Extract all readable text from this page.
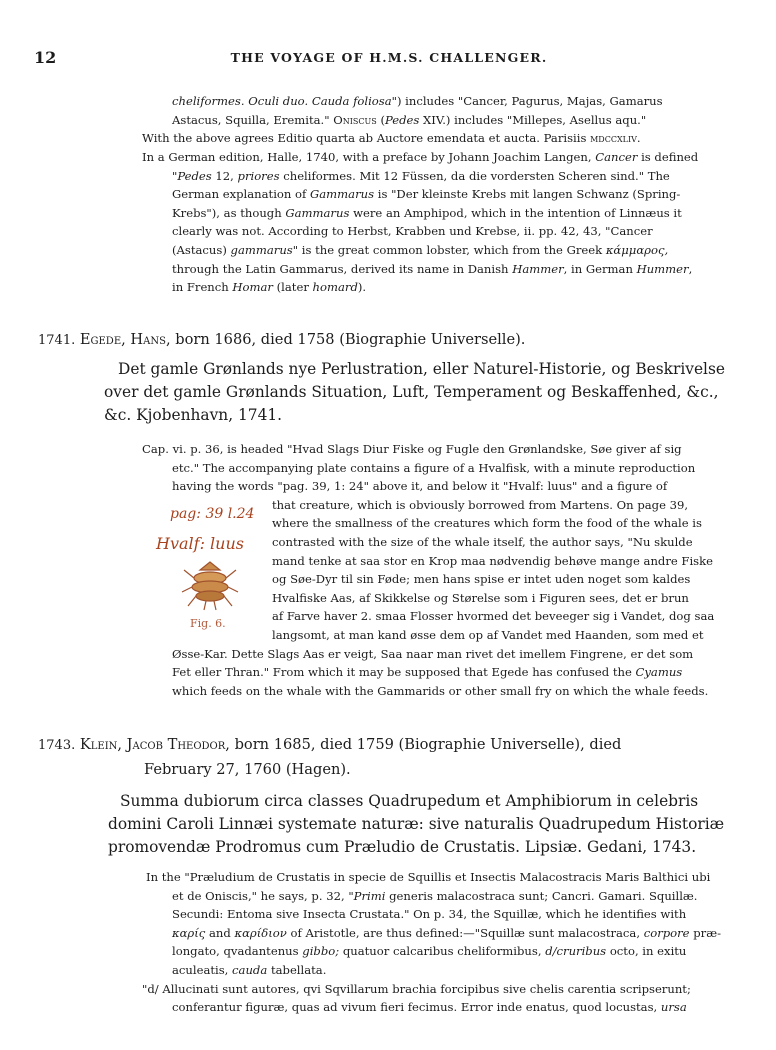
12	THE VOYAGE OF H.M.S. CHALLENGER.
cheliformes. Oculi duo. Cauda foliosa") includes "Cancer, Pagurus, Majas, Gamarus
Astacus, Squilla, Eremita." Oniscus (Pedes XIV.) includes "Millepes, Asellus aqu."
With the above agrees Editio quarta ab Auctore emendata et aucta. Parisiis mdccxliv.
In a German edition, Halle, 1740, with a preface by Johann Joachim Langen, Cancer is defined
"Pedes 12, priores cheliformes. Mit 12 Füssen, da die vordersten Scheren sind." The
German explanation of Gammarus is "Der kleinste Krebs mit langen Schwanz (Spring-
Krebs"), as though Gammarus were an Amphipod, which in the intention of Linnæus it
clearly was not. According to Herbst, Krabben und Krebse, ii. pp. 42, 43, "Cancer
(Astacus) gammarus" is the great common lobster, which from the Greek κάμμαρος,
through the Latin Gammarus, derived its name in Danish Hammer, in German Hummer,
in French Homar (later homard).
1741. Egede, Hans, born 1686, died 1758 (Biographie Universelle).
Det gamle Grønlands nye Perlustration, eller Naturel-Historie, og Beskrivelse
over det gamle Grønlands Situation, Luft, Temperament og Beskaffenhed, &c.,
&c. Kjobenhavn, 1741.
Cap. vi. p. 36, is headed "Hvad Slags Diur Fiske og Fugle den Grønlandske, Søe giver af sig
etc." The accompanying plate contains a figure of a Hvalfisk, with a minute reproduction
having the words "pag. 39, 1: 24" above it, and below it "Hvalf: luus" and a figure of
that creature, which is obviously borrowed from Martens. On page 39,
where the smallness of the creatures which form the food of the whale is
contrasted with the size of the whale itself, the author says, "Nu skulde
mand tenke at saa stor en Krop maa nødvendig behøve mange andre Fiske
og Søe-Dyr til sin Føde; men hans spise er intet uden noget som kaldes
Hvalfiske Aas, af Skikkelse og Størelse som i Figuren sees, det er brun
af Farve haver 2. smaa Flosser hvormed det beveeger sig i Vandet, dog saa
langsomt, at man kand øsse dem op af Vandet med Haanden, som med et
Øsse-Kar. Dette Slags Aas er veigt, Saa naar man rivet det imellem Fingrene, er det som
Fet eller Thran." From which it may be supposed that Egede has confused the Cyamus
which feeds on the whale with the Gammarids or other small fry on which the whale feeds.
pag: 39 l.24
Hvalf: luus
Fig. 6.
1743. Klein, Jacob Theodor, born 1685, died 1759 (Biographie Universelle), died
February 27, 1760 (Hagen).
Summa dubiorum circa classes Quadrupedum et Amphibiorum in celebris
domini Caroli Linnæi systemate naturæ: sive naturalis Quadrupedum Historiæ
promovendæ Prodromus cum Præludio de Crustatis. Lipsiæ. Gedani, 1743.
In the "Præludium de Crustatis in specie de Squillis et Insectis Malacostracis Maris Balthici ubi
et de Oniscis," he says, p. 32, "Primi generis malacostraca sunt; Cancri. Gamari. Squillæ.
Secundi: Entoma sive Insecta Crustata." On p. 34, the Squillæ, which he identifies with
καρίς and καρίδιον of Aristotle, are thus defined:—"Squillæ sunt malacostraca, corpore præ-
longato, qvadantenus gibbo; quatuor calcaribus cheliformibus, d/cruribus octo, in exitu
aculeatis, cauda tabellata.
"d/ Allucinati sunt autores, qvi Sqvillarum brachia forcipibus sive chelis carentia scripserunt;
conferantur figuræ, quas ad vivum fieri fecimus. Error inde enatus, quod locustas, ursa
